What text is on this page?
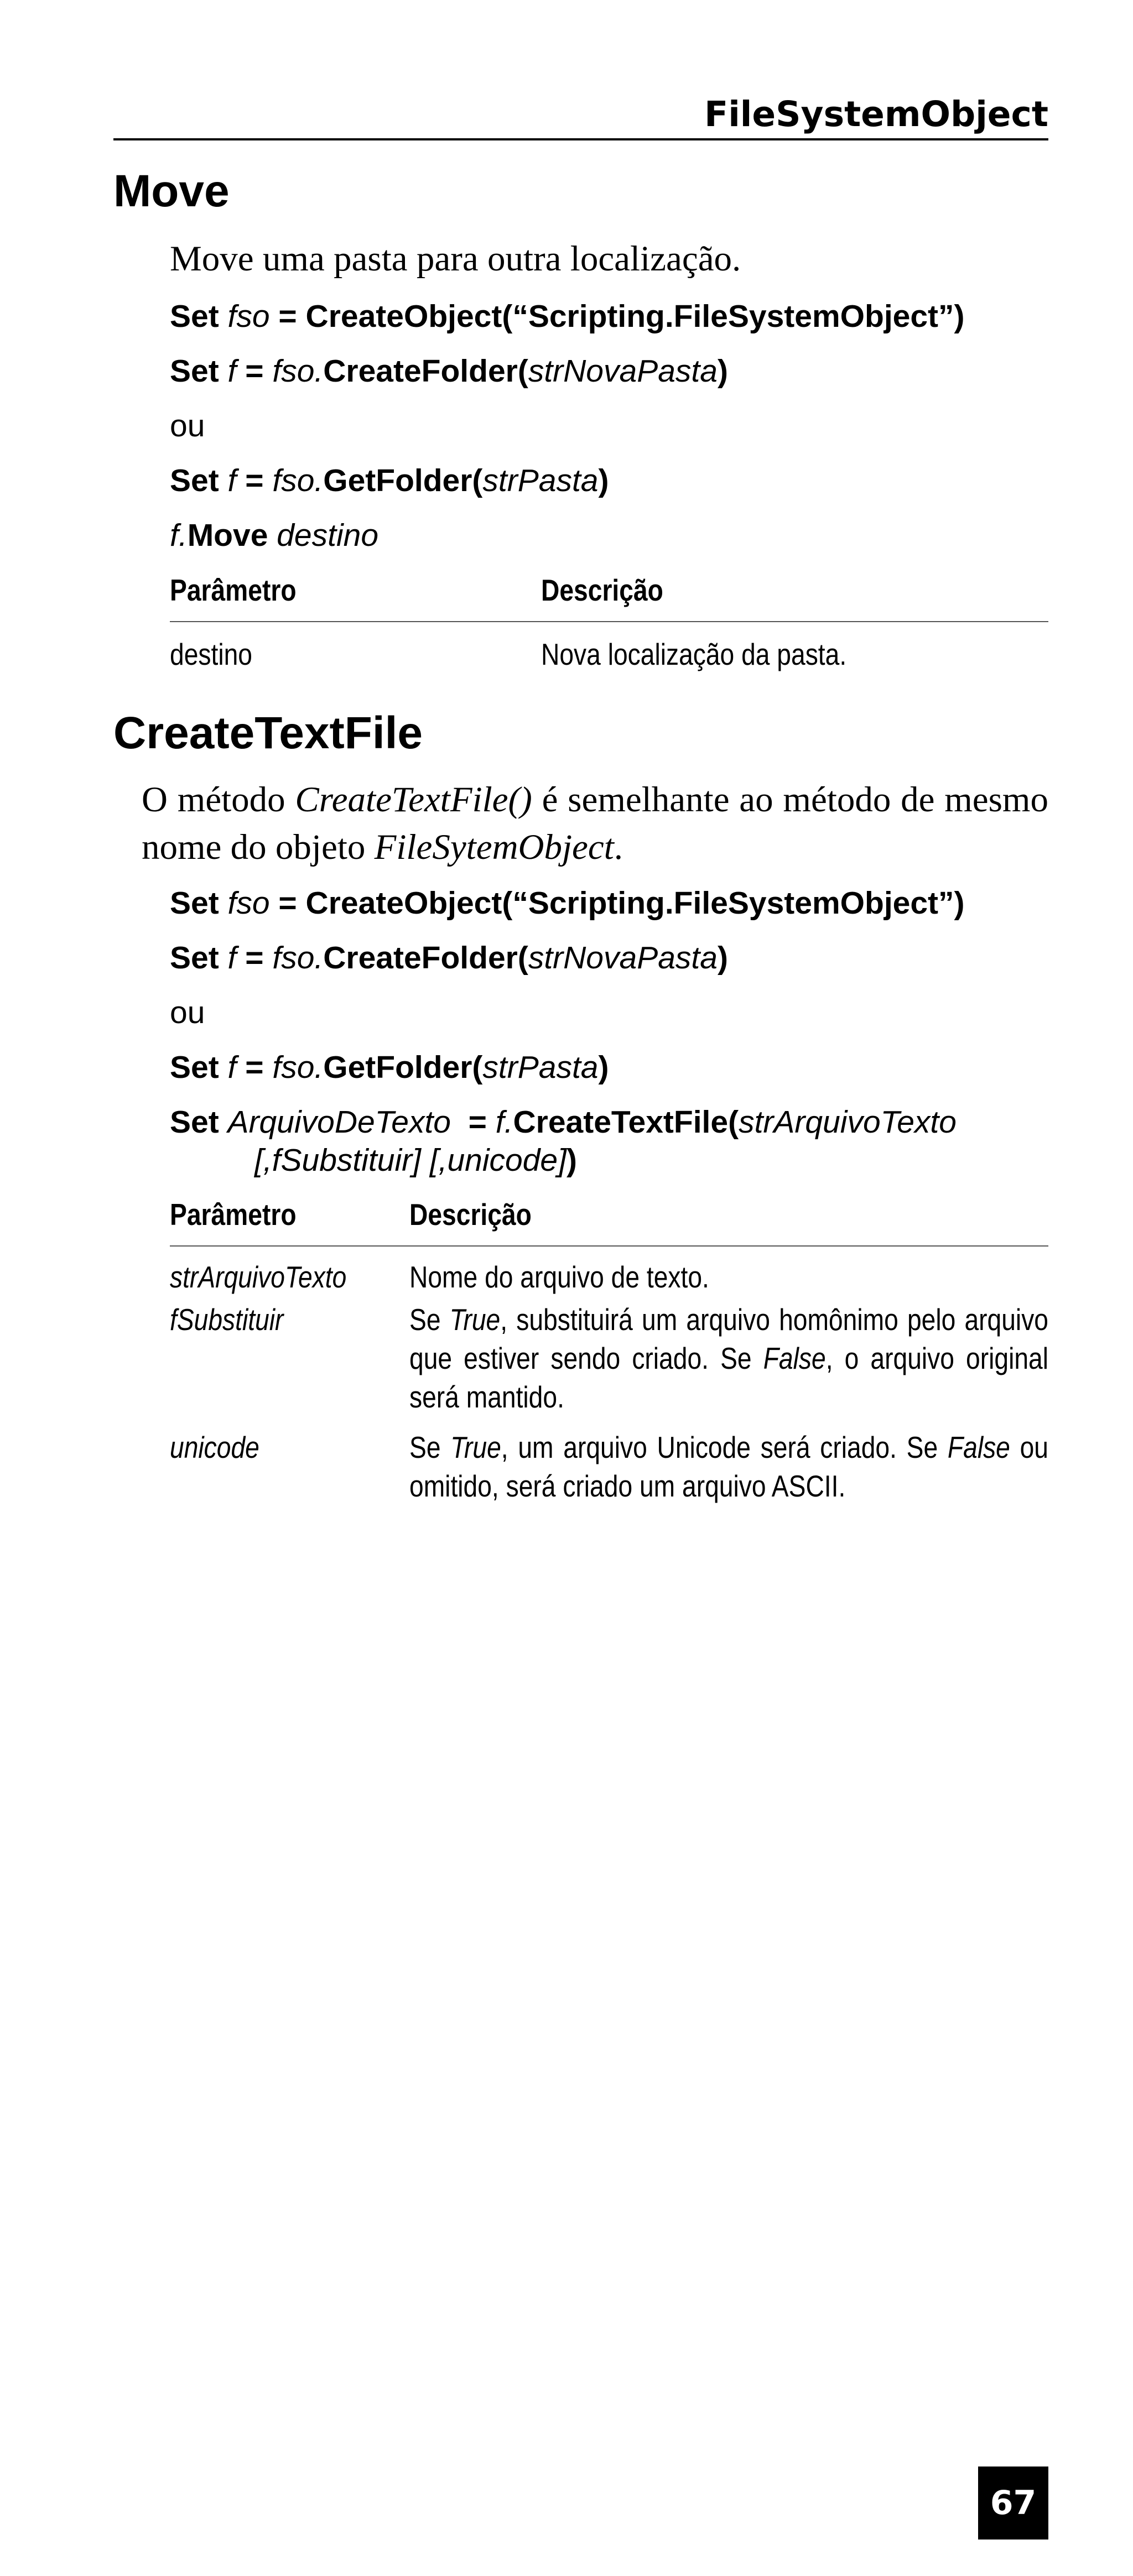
FileSystemObject
Move
Move uma pasta para outra localização.
Set fso = CreateObject(“Scripting.FileSystemObject”)
Set f = fso.CreateFolder(strNovaPasta)
ou
Set f = fso.GetFolder(strPasta)
f.Move destino
Parâmetro	Descrição
destino	Nova localização da pasta.
CreateTextFile
O método CreateTextFile() é semelhante ao método de mesmo nome do objeto FileSytemObject.
Set fso = CreateObject(“Scripting.FileSystemObject”)
Set f = fso.CreateFolder(strNovaPasta)
ou
Set f = fso.GetFolder(strPasta)
Set ArquivoDeTexto  = f.CreateTextFile(strArquivoTexto
[,fSubstituir] [,unicode])
Parâmetro	Descrição
strArquivoTexto Nome do arquivo de texto.
fSubstituir	Se True, substituirá um arquivo homônimo pelo arquivo que estiver sendo criado. Se False, o arquivo original será mantido.
unicode	Se True, um arquivo Unicode será criado. Se False ou omitido, será criado um arquivo ASCII.
67
